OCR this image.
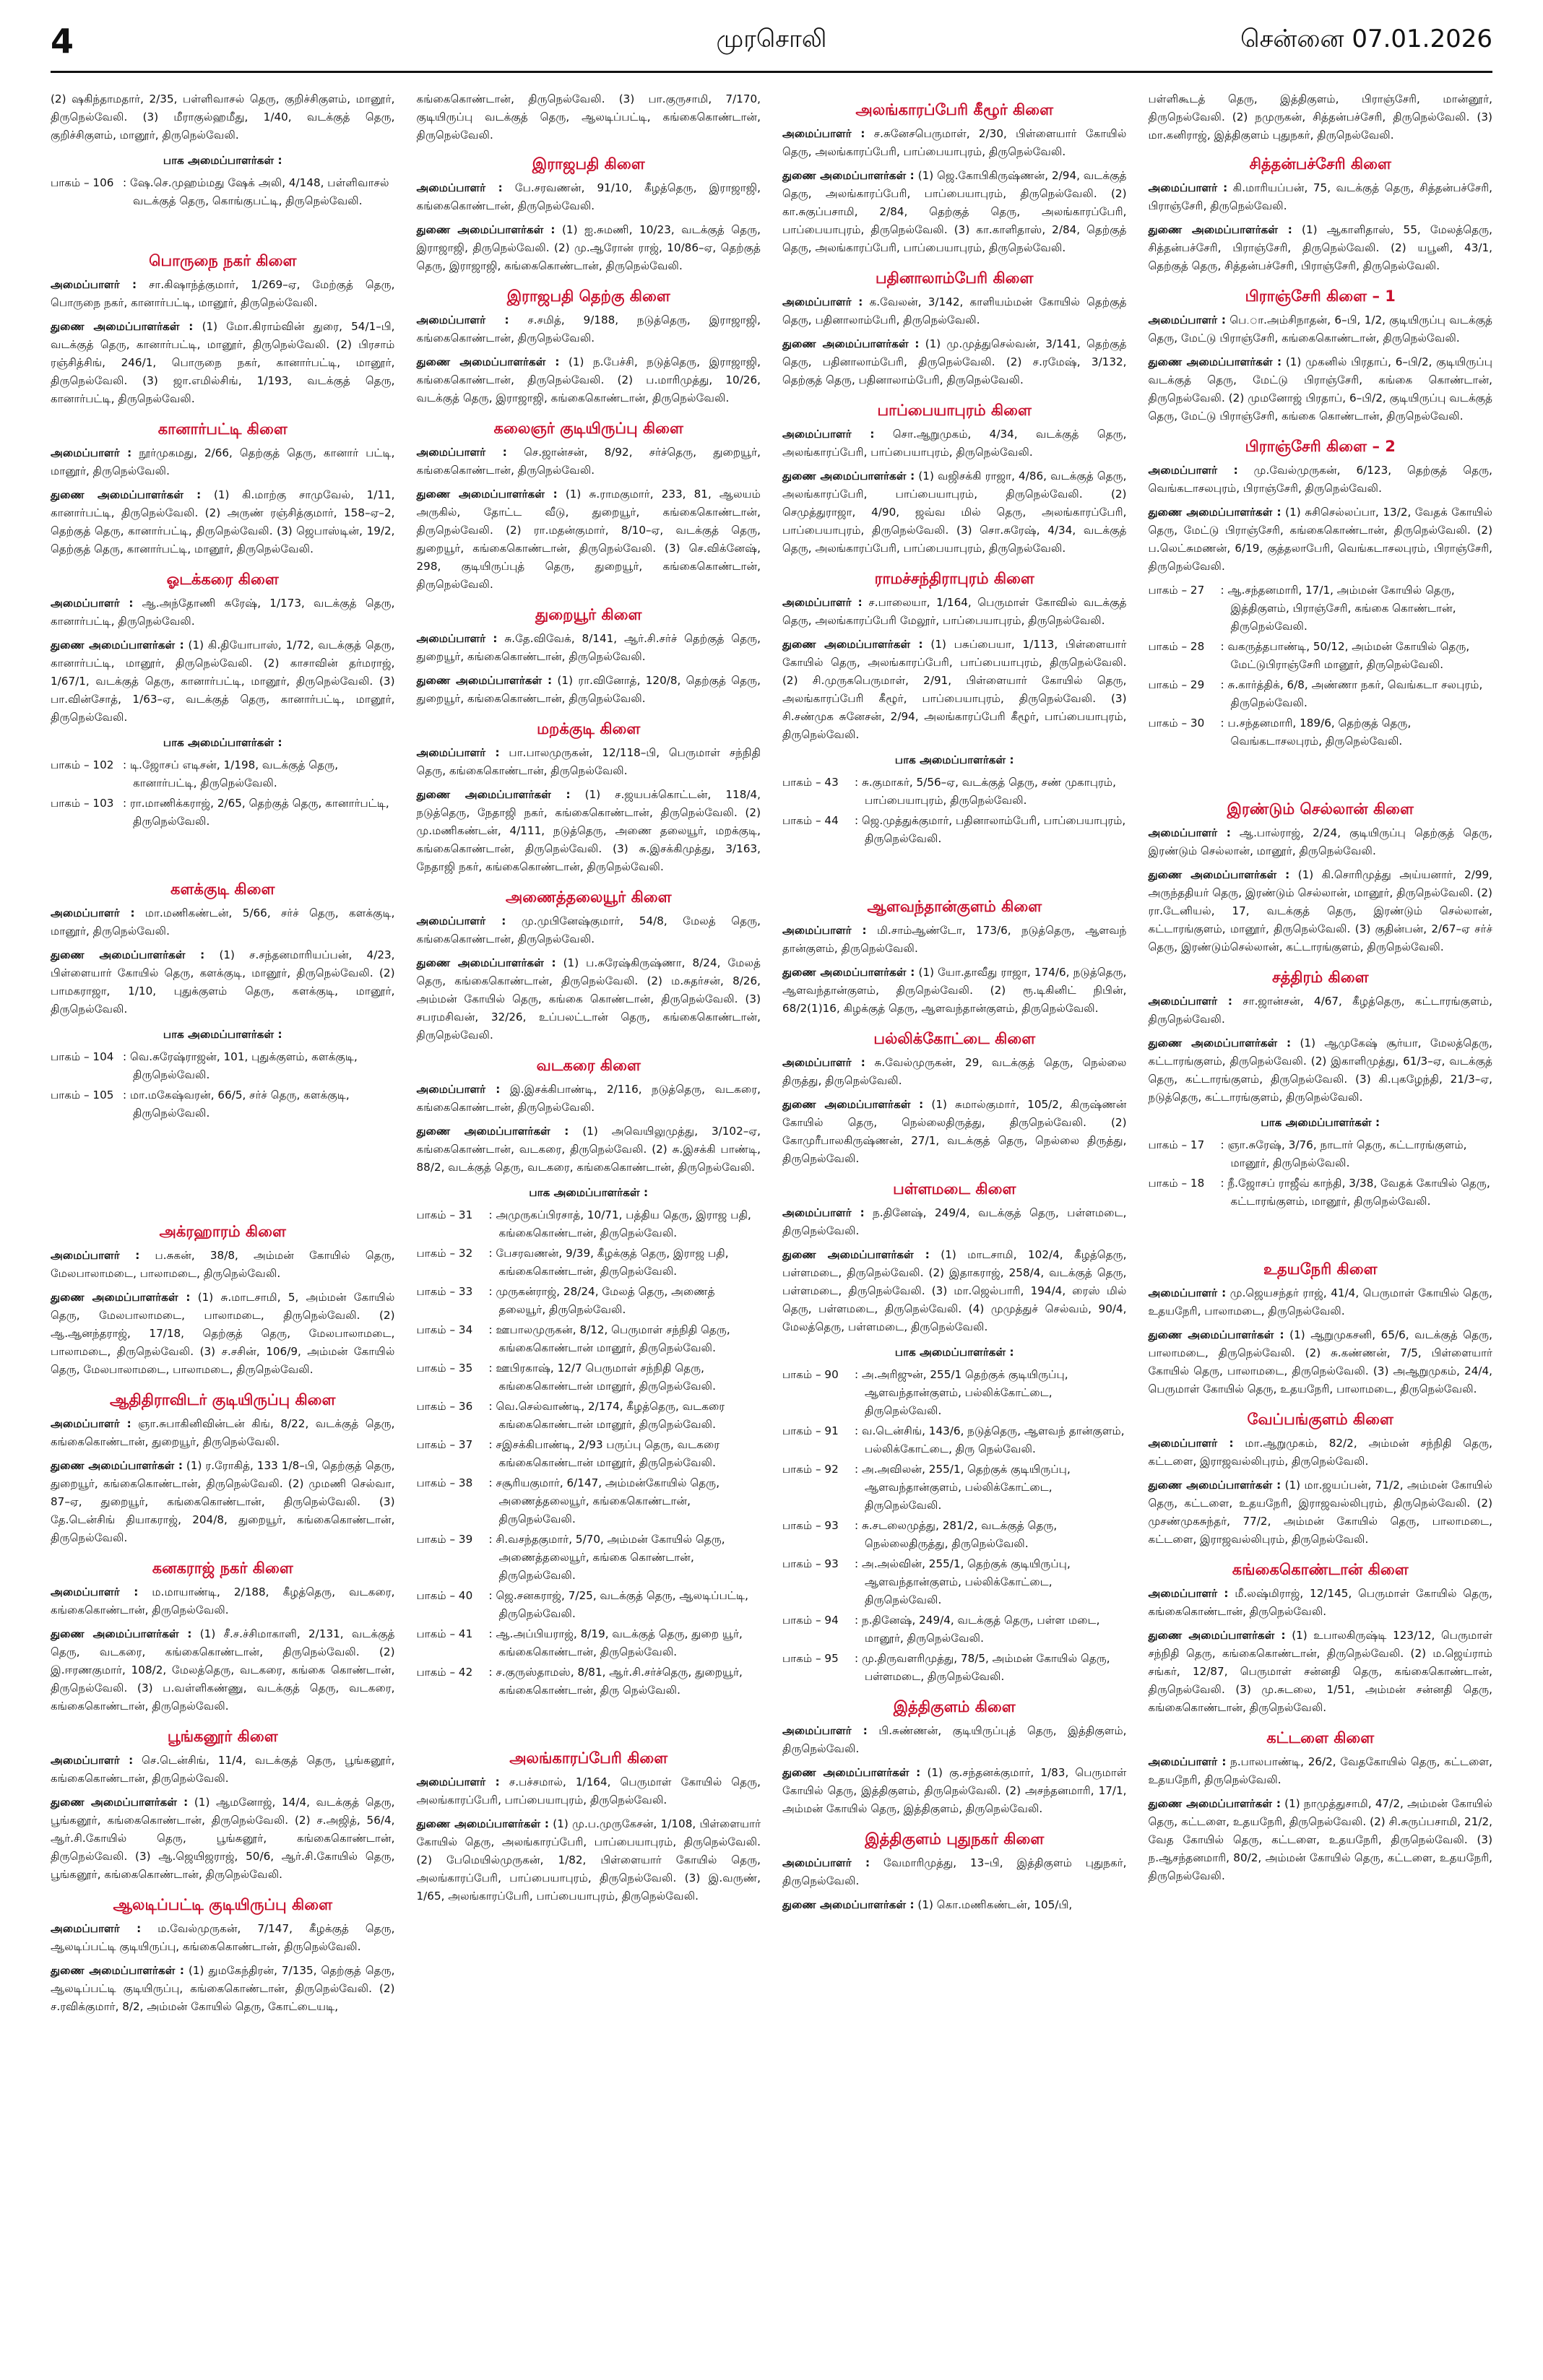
4	முரசொலி	சென்னை 07.01.2026

(2) ஷகிந்தாமதார், 2/35, பள்ளிவாசல் தெரு, குறிச்சிகுளம், மானூர், திருநெல்வேலி. (3) மீராகுல்ஹமீது, 1/40, வடக்குத் தெரு, குறிச்சிகுளம், மானூர், திருநெல்வேலி.

பாக அமைப்பாளர்கள் :
பாகம் – 106 : ஷே.செ.முஹம்மது ஷேக் அலி, 4/148, பள்ளிவாசல் வடக்குத் தெரு, கொங்குபட்டி, திருநெல்வேலி.
பொருநை நகர் கிளை

அமைப்பாளர் : சா.கிஷாந்த்குமார், 1/269–ஏ, மேற்குத் தெரு, பொருநை நகர், கானார்பட்டி, மானூர், திருநெல்வேலி.

துணை அமைப்பாளர்கள் : (1) மோ.கிராம்வின் துரை, 54/1–பி, வடக்குத் தெரு, கானார்பட்டி, மானூர், திருநெல்வேலி. (2) பிரசாம் ரஞ்சித்சிங், 246/1, பொருநை நகர், கானார்பட்டி, மானூர், திருநெல்வேலி. (3) ஜா.எமில்சிங், 1/193, வடக்குத் தெரு, கானார்பட்டி, திருநெல்வேலி.

கானார்பட்டி கிளை

அமைப்பாளர் : நூர்முகமது, 2/66, தெற்குத் தெரு, கானார் பட்டி, மானூர், திருநெல்வேலி.

துணை அமைப்பாளர்கள் : (1) கி.மாற்கு சாமுவேல், 1/11, கானார்பட்டி, திருநெல்வேலி. (2) அருண் ரஞ்சித்குமார், 158–ஏ–2, தெற்குத் தெரு, கானார்பட்டி, திருநெல்வேலி. (3) ஜெபாஸ்டின், 19/2, தெற்குத் தெரு, கானார்பட்டி, மானூர், திருநெல்வேலி.

ஓடக்கரை கிளை

அமைப்பாளர் : ஆ.அந்தோணி சுரேஷ், 1/173, வடக்குத் தெரு, கானார்பட்டி, திருநெல்வேலி.

துணை அமைப்பாளர்கள் : (1) கி.தியோபாஸ், 1/72, வடக்குத் தெரு, கானார்பட்டி, மானூர், திருநெல்வேலி. (2) காசாவின் தர்மராஜ், 1/67/1, வடக்குத் தெரு, கானார்பட்டி, மானூர், திருநெல்வேலி. (3) பா.வின்சோத், 1/63–ஏ, வடக்குத் தெரு, கானார்பட்டி, மானூர், திருநெல்வேலி.

பாக அமைப்பாளர்கள் :
பாகம் – 102 : டி.ஜோசப் எடிசன், 1/198, வடக்குத் தெரு, கானார்பட்டி, திருநெல்வேலி.
பாகம் – 103 : ரா.மாணிக்கராஜ், 2/65, தெற்குத் தெரு, கானார்பட்டி, திருநெல்வேலி.
களக்குடி கிளை

அமைப்பாளர் : மா.மணிகண்டன், 5/66, சர்ச் தெரு, களக்குடி, மானூர், திருநெல்வேலி.

துணை அமைப்பாளர்கள் : (1) ச.சந்தனமாரியப்பன், 4/23, பிள்ளையார் கோயில் தெரு, களக்குடி, மானூர், திருநெல்வேலி. (2) பாமகராஜா, 1/10, புதுக்குளம் தெரு, களக்குடி, மானூர், திருநெல்வேலி.

பாக அமைப்பாளர்கள் :
பாகம் – 104 : வெ.சுரேஷ்ராஜன், 101, புதுக்குளம், களக்குடி, திருநெல்வேலி.
பாகம் – 105 : மா.மகேஷ்வரன், 66/5, சர்ச் தெரு, களக்குடி, திருநெல்வேலி.
அக்ரஹாரம் கிளை

அமைப்பாளர் : ப.சுகன், 38/8, அம்மன் கோயில் தெரு, மேலபாலாமடை, பாலாமடை, திருநெல்வேலி.

துணை அமைப்பாளர்கள் : (1) சு.மாடசாமி, 5, அம்மன் கோயில் தெரு, மேலபாலாமடை, பாலாமடை, திருநெல்வேலி. (2) ஆ.ஆனந்தராஜ், 17/18, தெற்குத் தெரு, மேலபாலாமடை, பாலாமடை, திருநெல்வேலி. (3) ச.சசின், 106/9, அம்மன் கோயில் தெரு, மேலபாலாமடை, பாலாமடை, திருநெல்வேலி.

ஆதிதிராவிடர் குடியிருப்பு கிளை

அமைப்பாளர் : ஞா.சுபாகினிவின்டன் கிங், 8/22, வடக்குத் தெரு, கங்கைகொண்டான், துறையூர், திருநெல்வேலி.

துணை அமைப்பாளர்கள் : (1) ர.ரோகித், 133 1/8–பி, தெற்குத் தெரு, துறையூர், கங்கைகொண்டான், திருநெல்வேலி. (2) முமணி செல்வா, 87–ஏ, துறையூர், கங்கைகொண்டான், திருநெல்வேலி. (3) தே.டென்சிங் தியாகராஜ், 204/8, துறையூர், கங்கைகொண்டான், திருநெல்வேலி.

கனகராஜ் நகர் கிளை

அமைப்பாளர் : ம.மாயாண்டி, 2/188, கீழத்தெரு, வடகரை, கங்கைகொண்டான், திருநெல்வேலி.

துணை அமைப்பாளர்கள் : (1) சீ.ச.ச்சிமாகாளி, 2/131, வடக்குத் தெரு, வடகரை, கங்கைகொண்டான், திருநெல்வேலி. (2) இ.ஈரணகுமார், 108/2, மேலத்தெரு, வடகரை, கங்கை கொண்டான், திருநெல்வேலி. (3) ப.வள்ளிகண்ணு, வடக்குத் தெரு, வடகரை, கங்கைகொண்டான், திருநெல்வேலி.

பூங்கனூர் கிளை

அமைப்பாளர் : செ.டென்சிங், 11/4, வடக்குத் தெரு, பூங்கனூர், கங்கைகொண்டான், திருநெல்வேலி.

துணை அமைப்பாளர்கள் : (1) ஆமனோஜ், 14/4, வடக்குத் தெரு, பூங்கனூர், கங்கைகொண்டான், திருநெல்வேலி. (2) ச.அஜித், 56/4, ஆர்.சி.கோயில் தெரு, பூங்கனூர், கங்கைகொண்டான், திருநெல்வேலி. (3) ஆ.ஜெயிஜராஜ், 50/6, ஆர்.சி.கோயில் தெரு, பூங்கனூர், கங்கைகொண்டான், திருநெல்வேலி.

ஆலடிப்பட்டி குடியிருப்பு கிளை

அமைப்பாளர் : ம.வேல்முருகன், 7/147, கீழக்குத் தெரு, ஆலடிப்பட்டி குடியிருப்பு, கங்கைகொண்டான், திருநெல்வேலி.

துணை அமைப்பாளர்கள் : (1) துமகேந்திரன், 7/135, தெற்குத் தெரு, ஆலடிப்பட்டி குடியிருப்பு, கங்கைகொண்டான், திருநெல்வேலி. (2) ச.ரவிக்குமார், 8/2, அம்மன் கோயில் தெரு, கோட்டையடி,

கங்கைகொண்டான், திருநெல்வேலி. (3) பா.குருசாமி, 7/170, குடியிருப்பு வடக்குத் தெரு, ஆலடிப்பட்டி, கங்கைகொண்டான், திருநெல்வேலி.

இராஜபதி கிளை

அமைப்பாளர் : பே.சரவணன், 91/10, கீழத்தெரு, இராஜாஜி, கங்கைகொண்டான், திருநெல்வேலி.

துணை அமைப்பாளர்கள் : (1) ஐ.சுமணி, 10/23, வடக்குத் தெரு, இராஜாஜி, திருநெல்வேலி. (2) மு.ஆரோன் ராஜ், 10/86–ஏ, தெற்குத் தெரு, இராஜாஜி, கங்கைகொண்டான், திருநெல்வேலி.

இராஜபதி தெற்கு கிளை

அமைப்பாளர் : ச.சமித், 9/188, நடுத்தெரு, இராஜாஜி, கங்கைகொண்டான், திருநெல்வேலி.

துணை அமைப்பாளர்கள் : (1) ந.பேச்சி, நடுத்தெரு, இராஜாஜி, கங்கைகொண்டான், திருநெல்வேலி. (2) ப.மாரிமுத்து, 10/26, வடக்குத் தெரு, இராஜாஜி, கங்கைகொண்டான், திருநெல்வேலி.

கலைஞர் குடியிருப்பு கிளை

அமைப்பாளர் : செ.ஜான்சன், 8/92, சர்ச்தெரு, துறையூர், கங்கைகொண்டான், திருநெல்வேலி.

துணை அமைப்பாளர்கள் : (1) சு.ராமகுமார், 233, 81, ஆலயம் அருகில், தோட்ட வீடு, துறையூர், கங்கைகொண்டான், திருநெல்வேலி. (2) ரா.மதன்குமார், 8/10–ஏ, வடக்குத் தெரு, துறையூர், கங்கைகொண்டான், திருநெல்வேலி. (3) செ.விக்னேஷ், 298, குடியிருப்புத் தெரு, துறையூர், கங்கைகொண்டான், திருநெல்வேலி.

துறையூர் கிளை

அமைப்பாளர் : சு.தே.விவேக், 8/141, ஆர்.சி.சர்ச் தெற்குத் தெரு, துறையூர், கங்கைகொண்டான், திருநெல்வேலி.

துணை அமைப்பாளர்கள் : (1) ரா.வினோத், 120/8, தெற்குத் தெரு, துறையூர், கங்கைகொண்டான், திருநெல்வேலி.

மறக்குடி கிளை

அமைப்பாளர் : பா.பாலமுருகன், 12/118–பி, பெருமாள் சந்நிதி தெரு, கங்கைகொண்டான், திருநெல்வேலி.

துணை அமைப்பாளர்கள் : (1) ச.ஜயபக்கொட்டன், 118/4, நடுத்தெரு, நேதாஜி நகர், கங்கைகொண்டான், திருநெல்வேலி. (2) மு.மணிகண்டன், 4/111, நடுத்தெரு, அணை தலையூர், மறக்குடி, கங்கைகொண்டான், திருநெல்வேலி. (3) சு.இசக்கிமுத்து, 3/163, நேதாஜி நகர், கங்கைகொண்டான், திருநெல்வேலி.

அணைத்தலையூர் கிளை

அமைப்பாளர் : மு.முபினேஷ்குமார், 54/8, மேலத் தெரு, கங்கைகொண்டான், திருநெல்வேலி.

துணை அமைப்பாளர்கள் : (1) ப.சுரேஷ்கிருஷ்ணா, 8/24, மேலத் தெரு, கங்கைகொண்டான், திருநெல்வேலி. (2) ம.சுதர்சன், 8/26, அம்மன் கோயில் தெரு, கங்கை கொண்டான், திருநெல்வேலி. (3) சபரமசிவன், 32/26, உப்பலட்டான் தெரு, கங்கைகொண்டான், திருநெல்வேலி.

வடகரை கிளை

அமைப்பாளர் : இ.இசக்கிபாண்டி, 2/116, நடுத்தெரு, வடகரை, கங்கைகொண்டான், திருநெல்வேலி.

துணை அமைப்பாளர்கள் : (1) அவெயிலுமுத்து, 3/102–ஏ, கங்கைகொண்டான், வடகரை, திருநெல்வேலி. (2) சு.இசக்கி பாண்டி, 88/2, வடக்குத் தெரு, வடகரை, கங்கைகொண்டான், திருநெல்வேலி.

பாக அமைப்பாளர்கள் :
பாகம் – 31	: அமுருகப்பிரசாத், 10/71, பத்திய தெரு, இராஜ பதி, கங்கைகொண்டான், திருநெல்வேலி.
பாகம் – 32	: பேசரவணன், 9/39, கீழக்குத் தெரு, இராஜ பதி, கங்கைகொண்டான், திருநெல்வேலி.
பாகம் – 33	: முருகன்ராஜ், 28/24, மேலத் தெரு, அணைத் தலையூர், திருநெல்வேலி.
பாகம் – 34	: ஊபாலமுருகன், 8/12, பெருமாள் சந்நிதி தெரு, கங்கைகொண்டான் மானூர், திருநெல்வேலி.
பாகம் – 35	: ஊபிரகாஷ், 12/7 பெருமாள் சந்நிதி தெரு, கங்கைகொண்டான் மானூர், திருநெல்வேலி.
பாகம் – 36	: வெ.செல்வாண்டி, 2/174, கீழத்தெரு, வடகரை கங்கைகொண்டான் மானூர், திருநெல்வேலி.
பாகம் – 37	: சஇசக்கிபாண்டி, 2/93 பருப்பு தெரு, வடகரை கங்கைகொண்டான் மானூர், திருநெல்வேலி.
பாகம் – 38	: சசூரியகுமார், 6/147, அம்மன்கோயில் தெரு, அணைத்தலையூர், கங்கைகொண்டான், திருநெல்வேலி.
பாகம் – 39	: சி.வசந்தகுமார், 5/70, அம்மன் கோயில் தெரு, அணைத்தலையூர், கங்கை கொண்டான், திருநெல்வேலி.
பாகம் – 40	: ஜெ.சனகராஜ், 7/25, வடக்குத் தெரு, ஆலடிப்பட்டி, திருநெல்வேலி.
பாகம் – 41	: ஆ.அப்பியராஜ், 8/19, வடக்குத் தெரு, துறை யூர், கங்கைகொண்டான், திருநெல்வேலி.
பாகம் – 42	: ச.குருஸ்தாமஸ், 8/81, ஆர்.சி.சர்ச்தெரு, துறையூர், கங்கைகொண்டான், திரு நெல்வேலி.
அலங்காரப்பேரி கிளை

அமைப்பாளர் : ச.பச்சமால், 1/164, பெருமாள் கோயில் தெரு, அலங்காரப்பேரி, பாப்பையாபுரம், திருநெல்வேலி.

துணை அமைப்பாளர்கள் : (1) மு.ப.முருகேசன், 1/108, பிள்ளையார் கோயில் தெரு, அலங்காரப்பேரி, பாப்பையாபுரம், திருநெல்வேலி. (2) பேமெயில்முருகன், 1/82, பிள்ளையார் கோயில் தெரு, அலங்காரப்பேரி, பாப்பையாபுரம், திருநெல்வேலி. (3) இ.வருண், 1/65, அலங்காரப்பேரி, பாப்பையாபுரம், திருநெல்வேலி.

அலங்காரப்பேரி கீழூர் கிளை

அமைப்பாளர் : ச.சுனேசபெருமாள், 2/30, பிள்ளையார் கோயில் தெரு, அலங்காரப்பேரி, பாப்பையாபுரம், திருநெல்வேலி.

துணை அமைப்பாளர்கள் : (1) ஜெ.கோபிகிருஷ்ணன், 2/94, வடக்குத் தெரு, அலங்காரப்பேரி, பாப்பையாபுரம், திருநெல்வேலி. (2) கா.சுகுப்பசாமி, 2/84, தெற்குத் தெரு, அலங்காரப்பேரி, பாப்பையாபுரம், திருநெல்வேலி. (3) கா.காளிதாஸ், 2/84, தெற்குத் தெரு, அலங்காரப்பேரி, பாப்பையாபுரம், திருநெல்வேலி.

பதினாலாம்பேரி கிளை

அமைப்பாளர் : க.வேலன், 3/142, காளியம்மன் கோயில் தெற்குத் தெரு, பதினாலாம்பேரி, திருநெல்வேலி.

துணை அமைப்பாளர்கள் : (1) மு.முத்துசெல்வன், 3/141, தெற்குத் தெரு, பதினாலாம்பேரி, திருநெல்வேலி. (2) ச.ரமேஷ், 3/132, தெற்குத் தெரு, பதினாலாம்பேரி, திருநெல்வேலி.

பாப்பையாபுரம் கிளை

அமைப்பாளர் : சொ.ஆறுமுகம், 4/34, வடக்குத் தெரு, அலங்காரப்பேரி, பாப்பையாபுரம், திருநெல்வேலி.

துணை அமைப்பாளர்கள் : (1) வஜிசக்கி ராஜா, 4/86, வடக்குத் தெரு, அலங்காரப்பேரி, பாப்பையாபுரம், திருநெல்வேலி. (2) செமுத்துராஜா, 4/90, ஜவ்வ மில் தெரு, அலங்காரப்பேரி, பாப்பையாபுரம், திருநெல்வேலி. (3) சொ.சுரேஷ், 4/34, வடக்குத் தெரு, அலங்காரப்பேரி, பாப்பையாபுரம், திருநெல்வேலி.

ராமச்சந்திராபுரம் கிளை

அமைப்பாளர் : ச.பாலையா, 1/164, பெருமாள் கோவில் வடக்குத் தெரு, அலங்காரப்பேரி மேலூர், பாப்பையாபுரம், திருநெல்வேலி.

துணை அமைப்பாளர்கள் : (1) பசுப்பையா, 1/113, பிள்ளையார் கோயில் தெரு, அலங்காரப்பேரி, பாப்பையாபுரம், திருநெல்வேலி. (2) சி.முருகபெருமாள், 2/91, பிள்ளையார் கோயில் தெரு, அலங்காரப்பேரி கீழூர், பாப்பையாபுரம், திருநெல்வேலி. (3) சி.சண்முக சுனேசன், 2/94, அலங்காரப்பேரி கீழூர், பாப்பையாபுரம், திருநெல்வேலி.

பாக அமைப்பாளர்கள் :
பாகம் – 43	: சு.குமாகர், 5/56–ஏ, வடக்குத் தெரு, சண் முகாபுரம், பாப்பையாபுரம், திருநெல்வேலி.
பாகம் – 44	: ஜெ.முத்துக்குமார், பதினாலாம்பேரி, பாப்பையாபுரம், திருநெல்வேலி.
ஆளவந்தான்குளம் கிளை

அமைப்பாளர் : மி.சாம்ஆண்டோ, 173/6, நடுத்தெரு, ஆளவந் தான்குளம், திருநெல்வேலி.

துணை அமைப்பாளர்கள் : (1) யோ.தாவீது ராஜா, 174/6, நடுத்தெரு, ஆளவந்தான்குளம், திருநெல்வேலி. (2) ரூ.டிகினிட் நிபின், 68/2(1)16, கிழக்குத் தெரு, ஆளவந்தான்குளம், திருநெல்வேலி.

பல்லிக்கோட்டை கிளை

அமைப்பாளர் : சு.வேல்முருகன், 29, வடக்குத் தெரு, நெல்லை திருத்து, திருநெல்வேலி.

துணை அமைப்பாளர்கள் : (1) சுமால்குமார், 105/2, கிருஷ்ணன் கோயில் தெரு, நெல்லைதிருத்து, திருநெல்வேலி. (2) கோமுரீபாலகிருஷ்ணன், 27/1, வடக்குத் தெரு, நெல்லை திருத்து, திருநெல்வேலி.

பள்ளமடை கிளை

அமைப்பாளர் : ந.தினேஷ், 249/4, வடக்குத் தெரு, பள்ளமடை, திருநெல்வேலி.

துணை அமைப்பாளர்கள் : (1) மாடசாமி, 102/4, கீழத்தெரு, பள்ளமடை, திருநெல்வேலி. (2) இதாகராஜ், 258/4, வடக்குத் தெரு, பள்ளமடை, திருநெல்வேலி. (3) மா.ஜெல்பாரி, 194/4, ரைஸ் மில் தெரு, பள்ளமடை, திருநெல்வேலி. (4) முமுத்துச் செல்வம், 90/4, மேலத்தெரு, பள்ளமடை, திருநெல்வேலி.

பாக அமைப்பாளர்கள் :
பாகம் – 90	: அ.அரிஜுன், 255/1 தெற்குக் குடியிருப்பு, ஆளவந்தான்குளம், பல்லிக்கோட்டை, திருநெல்வேலி.
பாகம் – 91	: வ.டென்சிங், 143/6, நடுத்தெரு, ஆளவந் தான்குளம், பல்லிக்கோட்டை, திரு நெல்வேலி.
பாகம் – 92	: அ.அவிலன், 255/1, தெற்குக் குடியிருப்பு, ஆளவந்தான்குளம், பல்லிக்கோட்டை, திருநெல்வேலி.
பாகம் – 93	: சு.சடலைமுத்து, 281/2, வடக்குத் தெரு, நெல்லைதிருத்து, திருநெல்வேலி.
பாகம் – 93	: அ.அல்வின், 255/1, தெற்குக் குடியிருப்பு, ஆளவந்தான்குளம், பல்லிக்கோட்டை, திருநெல்வேலி.
பாகம் – 94	: ந.தினேஷ், 249/4, வடக்குத் தெரு, பள்ள மடை, மானூர், திருநெல்வேலி.
பாகம் – 95	: மு.திருவளரிமுத்து, 78/5, அம்மன் கோயில் தெரு, பள்ளமடை, திருநெல்வேலி.
இத்திகுளம் கிளை

அமைப்பாளர் : பி.சுண்ணன், குடியிருப்புத் தெரு, இத்திகுளம், திருநெல்வேலி.

துணை அமைப்பாளர்கள் : (1) கு.சந்தனக்குமார், 1/83, பெருமாள் கோயில் தெரு, இத்திகுளம், திருநெல்வேலி. (2) அசந்தனமாரி, 17/1, அம்மன் கோயில் தெரு, இத்திகுளம், திருநெல்வேலி.

இத்திகுளம் புதுநகர் கிளை

அமைப்பாளர் : வேமாரிமுத்து, 13–பி, இத்திகுளம் புதுநகர், திருநெல்வேலி.

துணை அமைப்பாளர்கள் : (1) கொ.மணிகண்டன், 105/பி,

பள்ளிகூடத் தெரு, இத்திகுளம், பிராஞ்சேரி, மான்னூர், திருநெல்வேலி. (2) நமுருகன், சித்தன்பச்சேரி, திருநெல்வேலி. (3) மா.கனிராஜ், இத்திகுளம் புதுநகர், திருநெல்வேலி.

சித்தன்பச்சேரி கிளை

அமைப்பாளர் : கி.மாரியப்பன், 75, வடக்குத் தெரு, சித்தன்பச்சேரி, பிராஞ்சேரி, திருநெல்வேலி.

துணை அமைப்பாளர்கள் : (1) ஆகாளிதாஸ், 55, மேலத்தெரு, சித்தன்பச்சேரி, பிராஞ்சேரி, திருநெல்வேலி. (2) யபூனி, 43/1, தெற்குத் தெரு, சித்தன்பச்சேரி, பிராஞ்சேரி, திருநெல்வேலி.

பிராஞ்சேரி கிளை – 1

அமைப்பாளர் : பெ.ா.அம்சிநாதன், 6–பி, 1/2, குடியிருப்பு வடக்குத் தெரு, மேட்டு பிராஞ்சேரி, கங்கைகொண்டான், திருநெல்வேலி.

துணை அமைப்பாளர்கள் : (1) முகனில் பிரதாப், 6–பி/2, குடியிருப்பு வடக்குத் தெரு, மேட்டு பிராஞ்சேரி, கங்கை கொண்டான், திருநெல்வேலி. (2) முமனோஜ் பிரதாப், 6–பி/2, குடியிருப்பு வடக்குத் தெரு, மேட்டு பிராஞ்சேரி, கங்கை கொண்டான், திருநெல்வேலி.

பிராஞ்சேரி கிளை – 2

அமைப்பாளர் : மு.வேல்முருகன், 6/123, தெற்குத் தெரு, வெங்கடாசலபுரம், பிராஞ்சேரி, திருநெல்வேலி.

துணை அமைப்பாளர்கள் : (1) சுசிசெல்லப்பா, 13/2, வேதக் கோயில் தெரு, மேட்டு பிராஞ்சேரி, கங்கைகொண்டான், திருநெல்வேலி. (2) ப.லெட்சுமணன், 6/19, குத்தலாபேரி, வெங்கடாசலபுரம், பிராஞ்சேரி, திருநெல்வேலி.

பாகம் – 27	: ஆ.சந்தனமாரி, 17/1, அம்மன் கோயில் தெரு, இத்திகுளம், பிராஞ்சேரி, கங்கை கொண்டான், திருநெல்வேலி.
பாகம் – 28	: வகருத்தபாண்டி, 50/12, அம்மன் கோயில் தெரு, மேட்டுபிராஞ்சேரி மானூர், திருநெல்வேலி.
பாகம் – 29	: சு.கார்த்திக், 6/8, அண்ணா நகர், வெங்கடா சலபுரம், திருநெல்வேலி.
பாகம் – 30	: ப.சந்தனமாரி, 189/6, தெற்குத் தெரு, வெங்கடாசலபுரம், திருநெல்வேலி.
இரண்டும் செல்லான் கிளை

அமைப்பாளர் : ஆ.பால்ராஜ், 2/24, குடியிருப்பு தெற்குத் தெரு, இரண்டும் செல்லான், மானூர், திருநெல்வேலி.

துணை அமைப்பாளர்கள் : (1) கி.சொரிமுத்து அய்யனார், 2/99, அருந்ததியர் தெரு, இரண்டும் செல்லான், மானூர், திருநெல்வேலி. (2) ரா.டேனியல், 17, வடக்குத் தெரு, இரண்டும் செல்லான், கட்டாரங்குளம், மானூர், திருநெல்வேலி. (3) குதின்பன், 2/67–ஏ சர்ச் தெரு, இரண்டும்செல்லான், கட்டாரங்குளம், திருநெல்வேலி.

சத்திரம் கிளை

அமைப்பாளர் : சா.ஜான்சன், 4/67, கீழத்தெரு, கட்டாரங்குளம், திருநெல்வேலி.

துணை அமைப்பாளர்கள் : (1) ஆமுகேஷ் சூர்யா, மேலத்தெரு, கட்டாரங்குளம், திருநெல்வேலி. (2) இகாளிமுத்து, 61/3–ஏ, வடக்குத் தெரு, கட்டாரங்குளம், திருநெல்வேலி. (3) கி.புகழேந்தி, 21/3–ஏ, நடுத்தெரு, கட்டாரங்குளம், திருநெல்வேலி.

பாக அமைப்பாளர்கள் :
பாகம் – 17	: ஞா.சுரேஷ், 3/76, நாடார் தெரு, கட்டாரங்குளம், மானூர், திருநெல்வேலி.
பாகம் – 18	: நீ.ஜோசப் ராஜீவ் காந்தி, 3/38, வேதக் கோயில் தெரு, கட்டாரங்குளம், மானூர், திருநெல்வேலி.
உதயநேரி கிளை

அமைப்பாளர் : மு.ஜெயசந்தர் ராஜ், 41/4, பெருமாள் கோயில் தெரு, உதயநேரி, பாலாமடை, திருநெல்வேலி.

துணை அமைப்பாளர்கள் : (1) ஆறுமுகசனி, 65/6, வடக்குத் தெரு, பாலாமடை, திருநெல்வேலி. (2) சு.கண்ணன், 7/5, பிள்ளையார் கோயில் தெரு, பாலாமடை, திருநெல்வேலி. (3) அஆறுமுகம், 24/4, பெருமாள் கோயில் தெரு, உதயநேரி, பாலாமடை, திருநெல்வேலி.

வேப்பங்குளம் கிளை

அமைப்பாளர் : மா.ஆறுமுகம், 82/2, அம்மன் சந்நிதி தெரு, கட்டளை, இராஜவல்லிபுரம், திருநெல்வேலி.

துணை அமைப்பாளர்கள் : (1) மா.ஜயப்பன், 71/2, அம்மன் கோயில் தெரு, கட்டளை, உதயநேரி, இராஜவல்லிபுரம், திருநெல்வேலி. (2) முசண்முகசுந்தர், 77/2, அம்மன் கோயில் தெரு, பாலாமடை, கட்டளை, இராஜவல்லிபுரம், திருநெல்வேலி.

கங்கைகொண்டான் கிளை

அமைப்பாளர் : மீ.லஷ்மிராஜ், 12/145, பெருமாள் கோயில் தெரு, கங்கைகொண்டான், திருநெல்வேலி.

துணை அமைப்பாளர்கள் : (1) உபாலகிருஷ்டி 123/12, பெருமாள் சந்நிதி தெரு, கங்கைகொண்டான், திருநெல்வேலி. (2) ம.ஜெய்ராம் சங்கர், 12/87, பெருமாள் சன்னதி தெரு, கங்கைகொண்டான், திருநெல்வேலி. (3) மு.சுடலை, 1/51, அம்மன் சன்னதி தெரு, கங்கைகொண்டான், திருநெல்வேலி.

கட்டளை கிளை

அமைப்பாளர் : ந.பாலபாண்டி, 26/2, வேதகோயில் தெரு, கட்டளை, உதயநேரி, திருநெல்வேலி.

துணை அமைப்பாளர்கள் : (1) நாமுத்துசாமி, 47/2, அம்மன் கோயில் தெரு, கட்டளை, உதயநேரி, திருநெல்வேலி. (2) சி.சுருப்பசாமி, 21/2, வேத கோயில் தெரு, கட்டளை, உதயநேரி, திருநெல்வேலி. (3) ந.ஆசந்தனமாரி, 80/2, அம்மன் கோயில் தெரு, கட்டளை, உதயநேரி, திருநெல்வேலி.
